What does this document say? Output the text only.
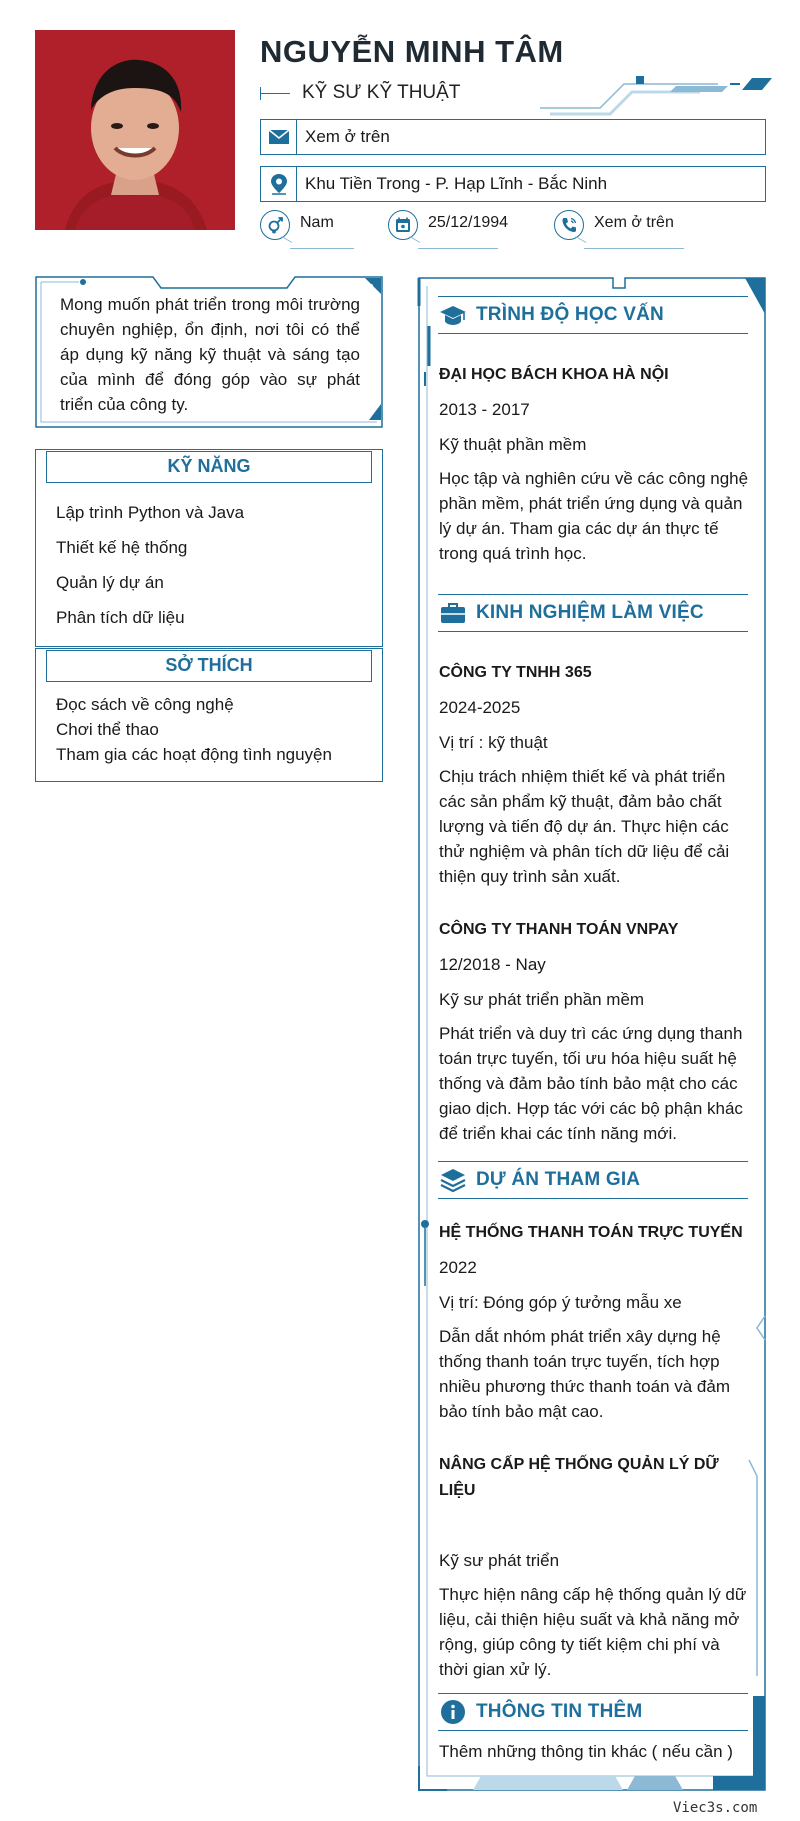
NGUYỄN MINH TÂM
KỸ SƯ KỸ THUẬT
Xem ở trên
Khu Tiền Trong - P. Hạp Lĩnh - Bắc Ninh
Nam	25/12/1994	Xem ở trên
Mong muốn phát triển trong môi trường chuyên nghiệp, ổn định, nơi tôi có thể áp dụng kỹ năng kỹ thuật và sáng tạo của mình để đóng góp vào sự phát triển của công ty.
KỸ NĂNG
Lập trình Python và Java
Thiết kế hệ thống
Quản lý dự án
Phân tích dữ liệu
SỞ THÍCH
Đọc sách về công nghệ
Chơi thể thao
Tham gia các hoạt động tình nguyện
TRÌNH ĐỘ HỌC VẤN
ĐẠI HỌC BÁCH KHOA HÀ NỘI
2013 - 2017
Kỹ thuật phần mềm
Học tập và nghiên cứu về các công nghệ phần mềm, phát triển ứng dụng và quản lý dự án. Tham gia các dự án thực tế trong quá trình học.
KINH NGHIỆM LÀM VIỆC
CÔNG TY TNHH 365
2024-2025
Vị trí : kỹ thuật
Chịu trách nhiệm thiết kế và phát triển các sản phẩm kỹ thuật, đảm bảo chất lượng và tiến độ dự án. Thực hiện các thử nghiệm và phân tích dữ liệu để cải thiện quy trình sản xuất.
CÔNG TY THANH TOÁN VNPAY
12/2018 - Nay
Kỹ sư phát triển phần mềm
Phát triển và duy trì các ứng dụng thanh toán trực tuyến, tối ưu hóa hiệu suất hệ thống và đảm bảo tính bảo mật cho các giao dịch. Hợp tác với các bộ phận khác để triển khai các tính năng mới.
DỰ ÁN THAM GIA
HỆ THỐNG THANH TOÁN TRỰC TUYẾN
2022
Vị trí: Đóng góp ý tưởng mẫu xe
Dẫn dắt nhóm phát triển xây dựng hệ thống thanh toán trực tuyến, tích hợp nhiều phương thức thanh toán và đảm bảo tính bảo mật cao.
NÂNG CẤP HỆ THỐNG QUẢN LÝ DỮ LIỆU
Kỹ sư phát triển
Thực hiện nâng cấp hệ thống quản lý dữ liệu, cải thiện hiệu suất và khả năng mở rộng, giúp công ty tiết kiệm chi phí và thời gian xử lý.
THÔNG TIN THÊM
Thêm những thông tin khác ( nếu cần )
Viec3s.com
